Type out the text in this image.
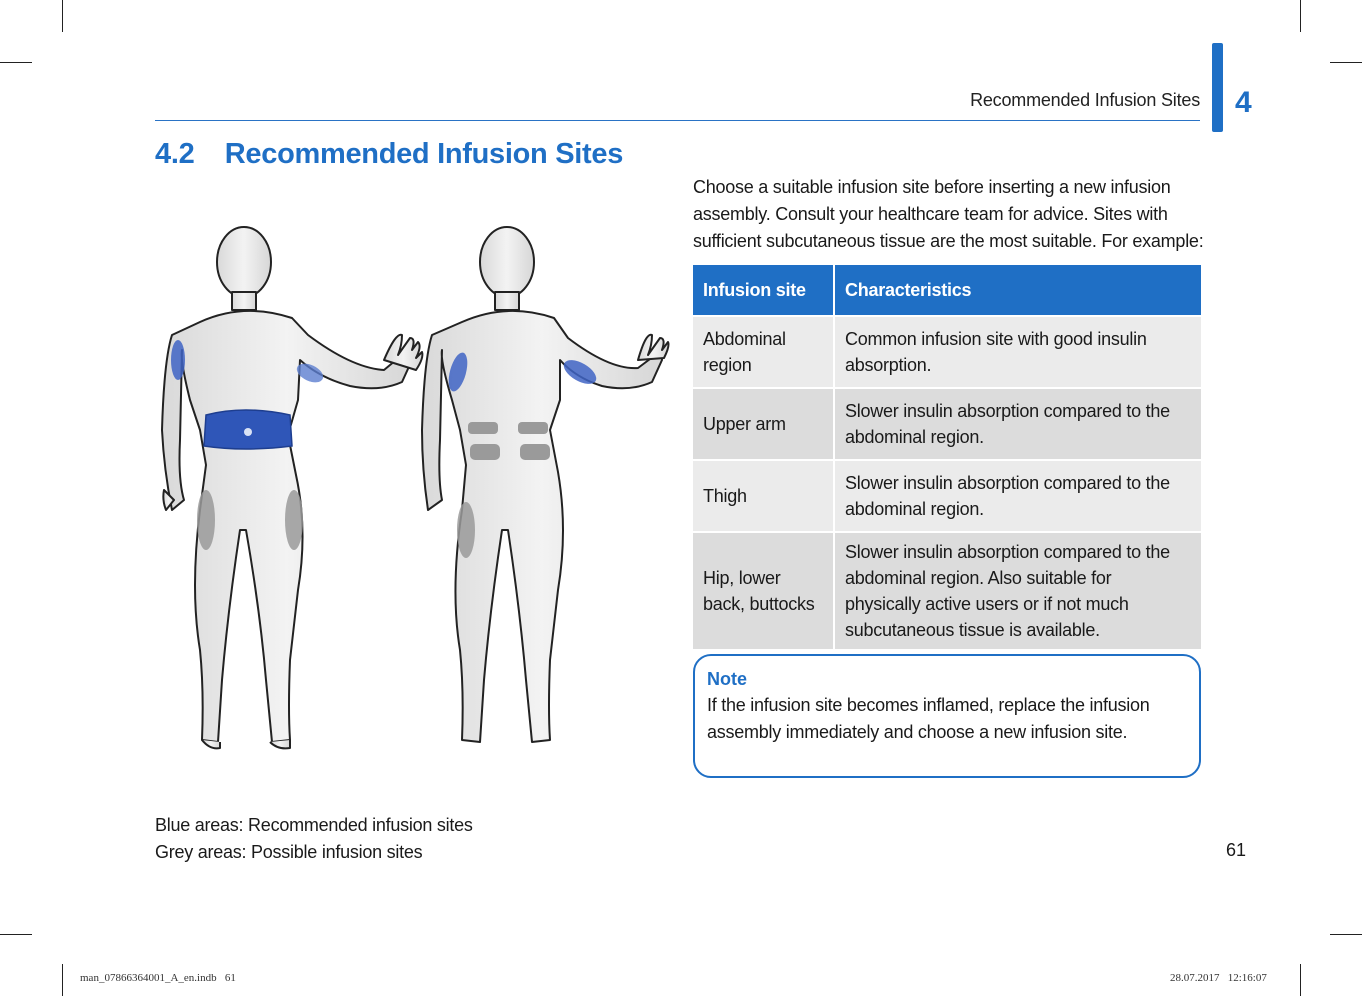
Recommended Infusion Sites 4
4.2 Recommended Infusion Sites
Choose a suitable infusion site before inserting a new infusion assembly. Consult your healthcare team for advice. Sites with sufficient subcutaneous tissue are the most suitable. For example:
Infusion site	Characteristics
Abdominal region	Common infusion site with good insulin absorption.
Upper arm	Slower insulin absorption compared to the abdominal region.
Thigh	Slower insulin absorption compared to the abdominal region.
Hip, lower back, buttocks	Slower insulin absorption compared to the abdominal region. Also suitable for physically active users or if not much subcutaneous tissue is available.
Note
If the infusion site becomes inflamed, replace the infusion assembly immediately and choose a new infusion site.
Blue areas: Recommended infusion sites
Grey areas: Possible infusion sites	61
man_07866364001_A_en.indb   61	28.07.2017   12:16:07
